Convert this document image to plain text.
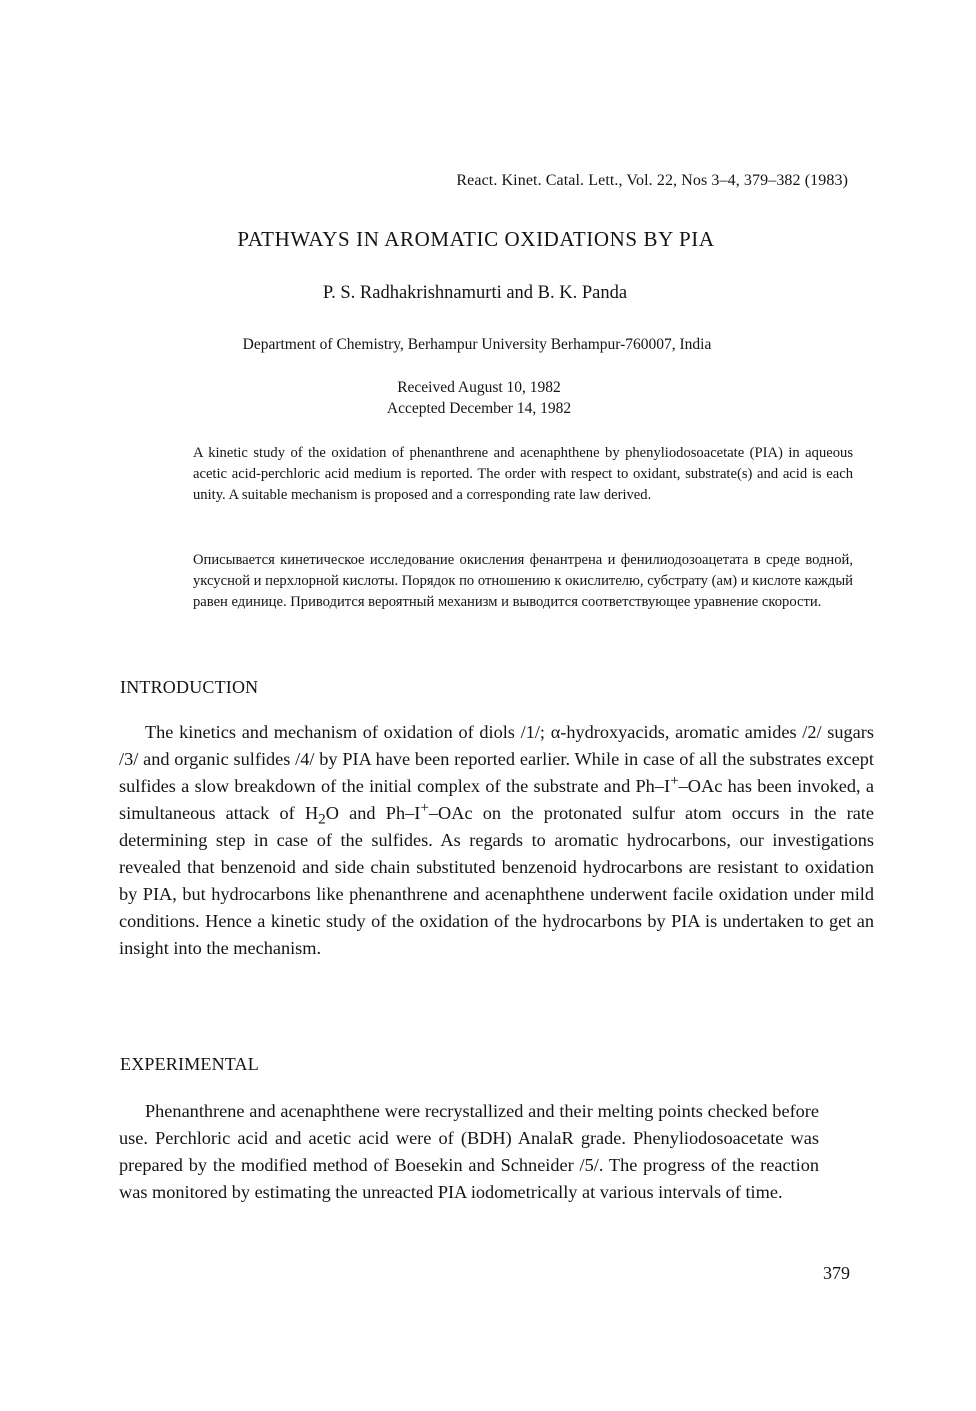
React. Kinet. Catal. Lett., Vol. 22, Nos 3–4, 379–382 (1983)
PATHWAYS IN AROMATIC OXIDATIONS BY PIA
P. S. Radhakrishnamurti and B. K. Panda
Department of Chemistry, Berhampur University Berhampur-760007, India
Received August 10, 1982
Accepted December 14, 1982
A kinetic study of the oxidation of phenanthrene and acenaphthene by phenyliodosoacetate (PIA) in aqueous acetic acid-perchloric acid medium is reported. The order with respect to oxidant, substrate(s) and acid is each unity. A suitable mechanism is proposed and a corresponding rate law derived.
Описывается кинетическое исследование окисления фенантрена и фенилиодозоацетата в среде водной, уксусной и перхлорной кислоты. Порядок по отношению к окислителю, субстрату (ам) и кислоте каждый равен единице. Приводится вероятный механизм и выводится соответствующее уравнение скорости.
INTRODUCTION
The kinetics and mechanism of oxidation of diols /1/; α-hydroxyacids, aromatic amides /2/ sugars /3/ and organic sulfides /4/ by PIA have been reported earlier. While in case of all the substrates except sulfides a slow breakdown of the initial complex of the substrate and Ph–I+–OAc has been invoked, a simultaneous attack of $H_2O$ and Ph–I+–OAc on the protonated sulfur atom occurs in the rate determining step in case of the sulfides. As regards to aromatic hydrocarbons, our investigations revealed that benzenoid and side chain substituted benzenoid hydrocarbons are resistant to oxidation by PIA, but hydrocarbons like phenanthrene and acenaphthene underwent facile oxidation under mild conditions. Hence a kinetic study of the oxidation of the hydrocarbons by PIA is undertaken to get an insight into the mechanism.
EXPERIMENTAL
Phenanthrene and acenaphthene were recrystallized and their melting points checked before use. Perchloric acid and acetic acid were of (BDH) AnalaR grade. Phenyliodosoacetate was prepared by the modified method of Boesekin and Schneider /5/. The progress of the reaction was monitored by estimating the unreacted PIA iodometrically at various intervals of time.
379
